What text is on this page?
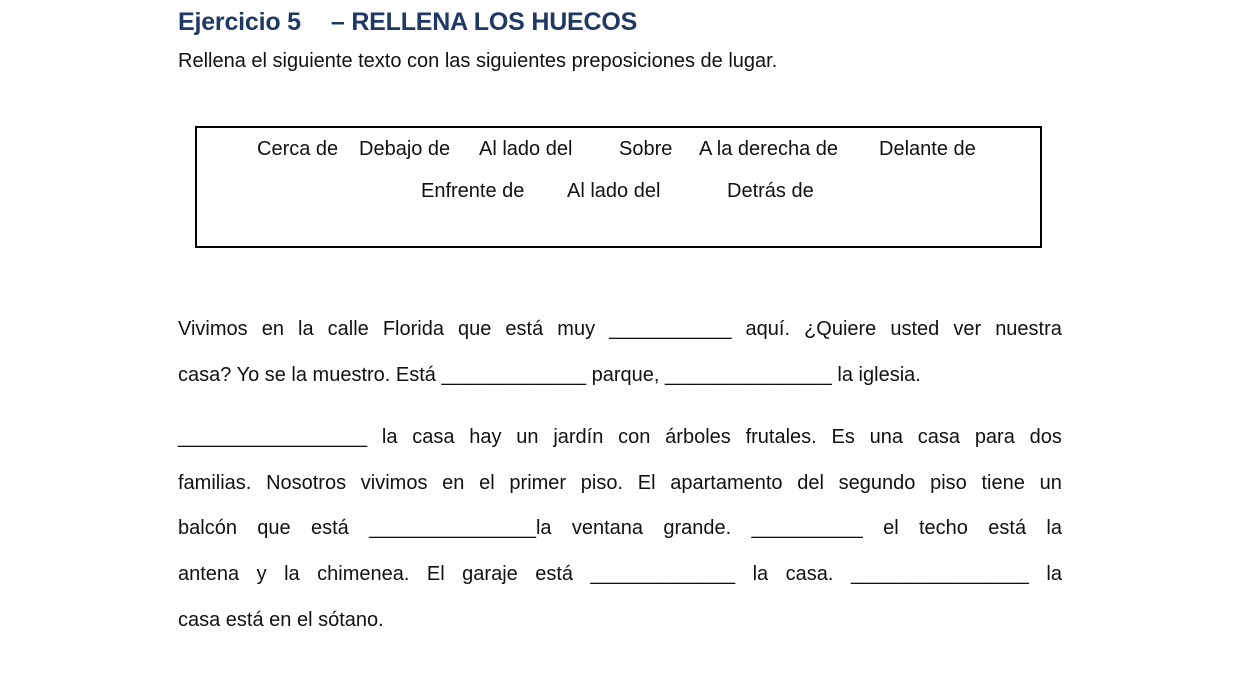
Ejercicio 5 – RELLENA LOS HUECOS
Rellena el siguiente texto con las siguientes preposiciones de lugar.
Cerca de Debajo de Al lado del Sobre A la derecha de Delante de
Enfrente de Al lado del	Detrás de
Vivimos en la calle Florida que está muy ___________ aquí. ¿Quiere usted ver nuestra
casa? Yo se la muestro. Está _____________ parque, _______________ la iglesia.
_________________ la casa hay un jardín con árboles frutales. Es una casa para dos
familias. Nosotros vivimos en el primer piso. El apartamento del segundo piso tiene un
balcón que está _______________la ventana grande. __________ el techo está la
antena y la chimenea. El garaje está _____________ la casa. ________________ la
casa está en el sótano.
